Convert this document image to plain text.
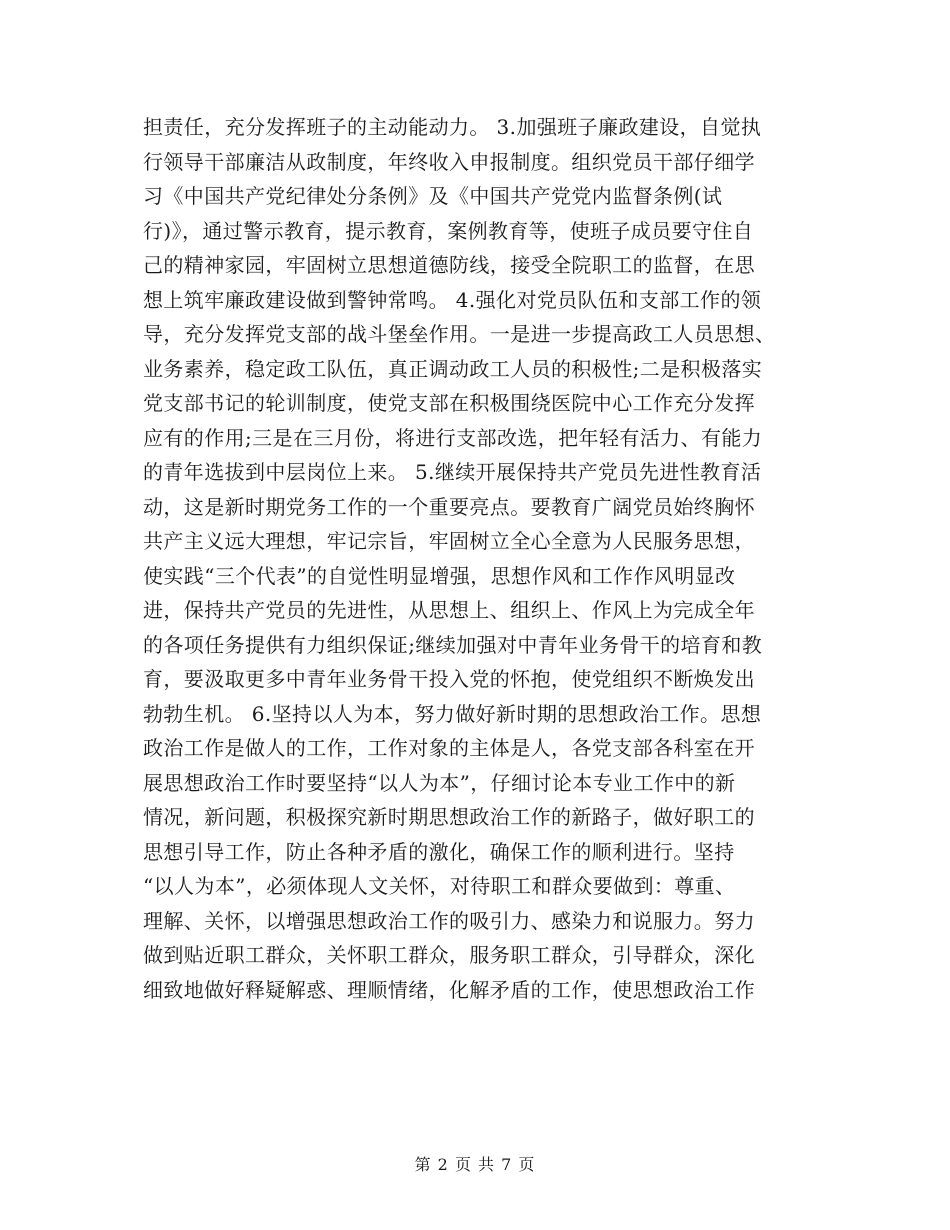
担责任，充分发挥班子的主动能动力。 3.加强班子廉政建设，自觉执
行领导干部廉洁从政制度，年终收入申报制度。组织党员干部仔细学
习《中国共产党纪律处分条例》及《中国共产党党内监督条例(试
行)》，通过警示教育，提示教育，案例教育等，使班子成员要守住自
己的精神家园，牢固树立思想道德防线，接受全院职工的监督，在思
想上筑牢廉政建设做到警钟常鸣。 4.强化对党员队伍和支部工作的领
导，充分发挥党支部的战斗堡垒作用。一是进一步提高政工人员思想、
业务素养，稳定政工队伍，真正调动政工人员的积极性;二是积极落实
党支部书记的轮训制度，使党支部在积极围绕医院中心工作充分发挥
应有的作用;三是在三月份，将进行支部改选，把年轻有活力、有能力
的青年选拔到中层岗位上来。 5.继续开展保持共产党员先进性教育活
动，这是新时期党务工作的一个重要亮点。要教育广阔党员始终胸怀
共产主义远大理想，牢记宗旨，牢固树立全心全意为人民服务思想，
使实践“三个代表”的自觉性明显增强，思想作风和工作作风明显改
进，保持共产党员的先进性，从思想上、组织上、作风上为完成全年
的各项任务提供有力组织保证;继续加强对中青年业务骨干的培育和教
育，要汲取更多中青年业务骨干投入党的怀抱，使党组织不断焕发出
勃勃生机。 6.坚持以人为本，努力做好新时期的思想政治工作。思想
政治工作是做人的工作，工作对象的主体是人，各党支部各科室在开
展思想政治工作时要坚持“以人为本”，仔细讨论本专业工作中的新
情况，新问题，积极探究新时期思想政治工作的新路子，做好职工的
思想引导工作，防止各种矛盾的激化，确保工作的顺利进行。坚持
“以人为本”，必须体现人文关怀，对待职工和群众要做到：尊重、
理解、关怀，以增强思想政治工作的吸引力、感染力和说服力。努力
做到贴近职工群众，关怀职工群众，服务职工群众，引导群众，深化
细致地做好释疑解惑、理顺情绪，化解矛盾的工作，使思想政治工作
第 2 页 共 7 页
